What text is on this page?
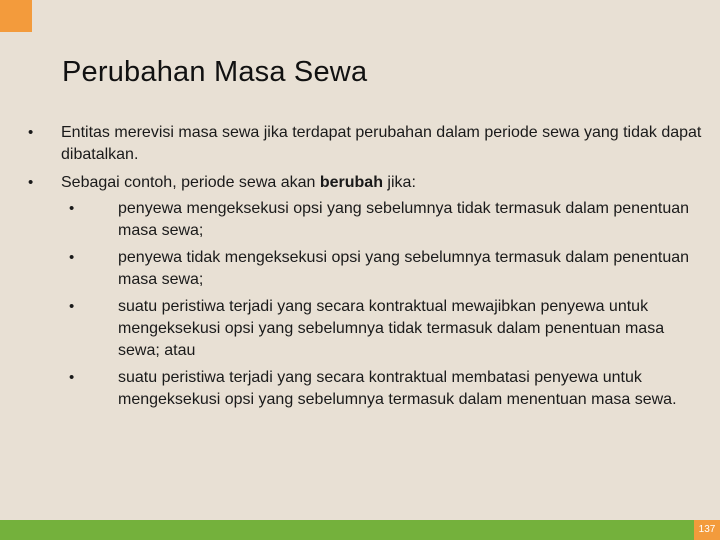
Perubahan Masa Sewa
• Entitas merevisi masa sewa jika terdapat perubahan dalam periode sewa yang tidak dapat dibatalkan.
• Sebagai contoh, periode sewa akan berubah jika:
•	penyewa mengeksekusi opsi yang sebelumnya tidak termasuk dalam penentuan masa sewa;
•	penyewa tidak mengeksekusi opsi yang sebelumnya termasuk dalam penentuan masa sewa;
•	suatu peristiwa terjadi yang secara kontraktual mewajibkan penyewa untuk mengeksekusi opsi yang sebelumnya tidak termasuk dalam penentuan masa sewa; atau
•	suatu peristiwa terjadi yang secara kontraktual membatasi penyewa untuk mengeksekusi opsi yang sebelumnya termasuk dalam menentuan masa sewa.
137
